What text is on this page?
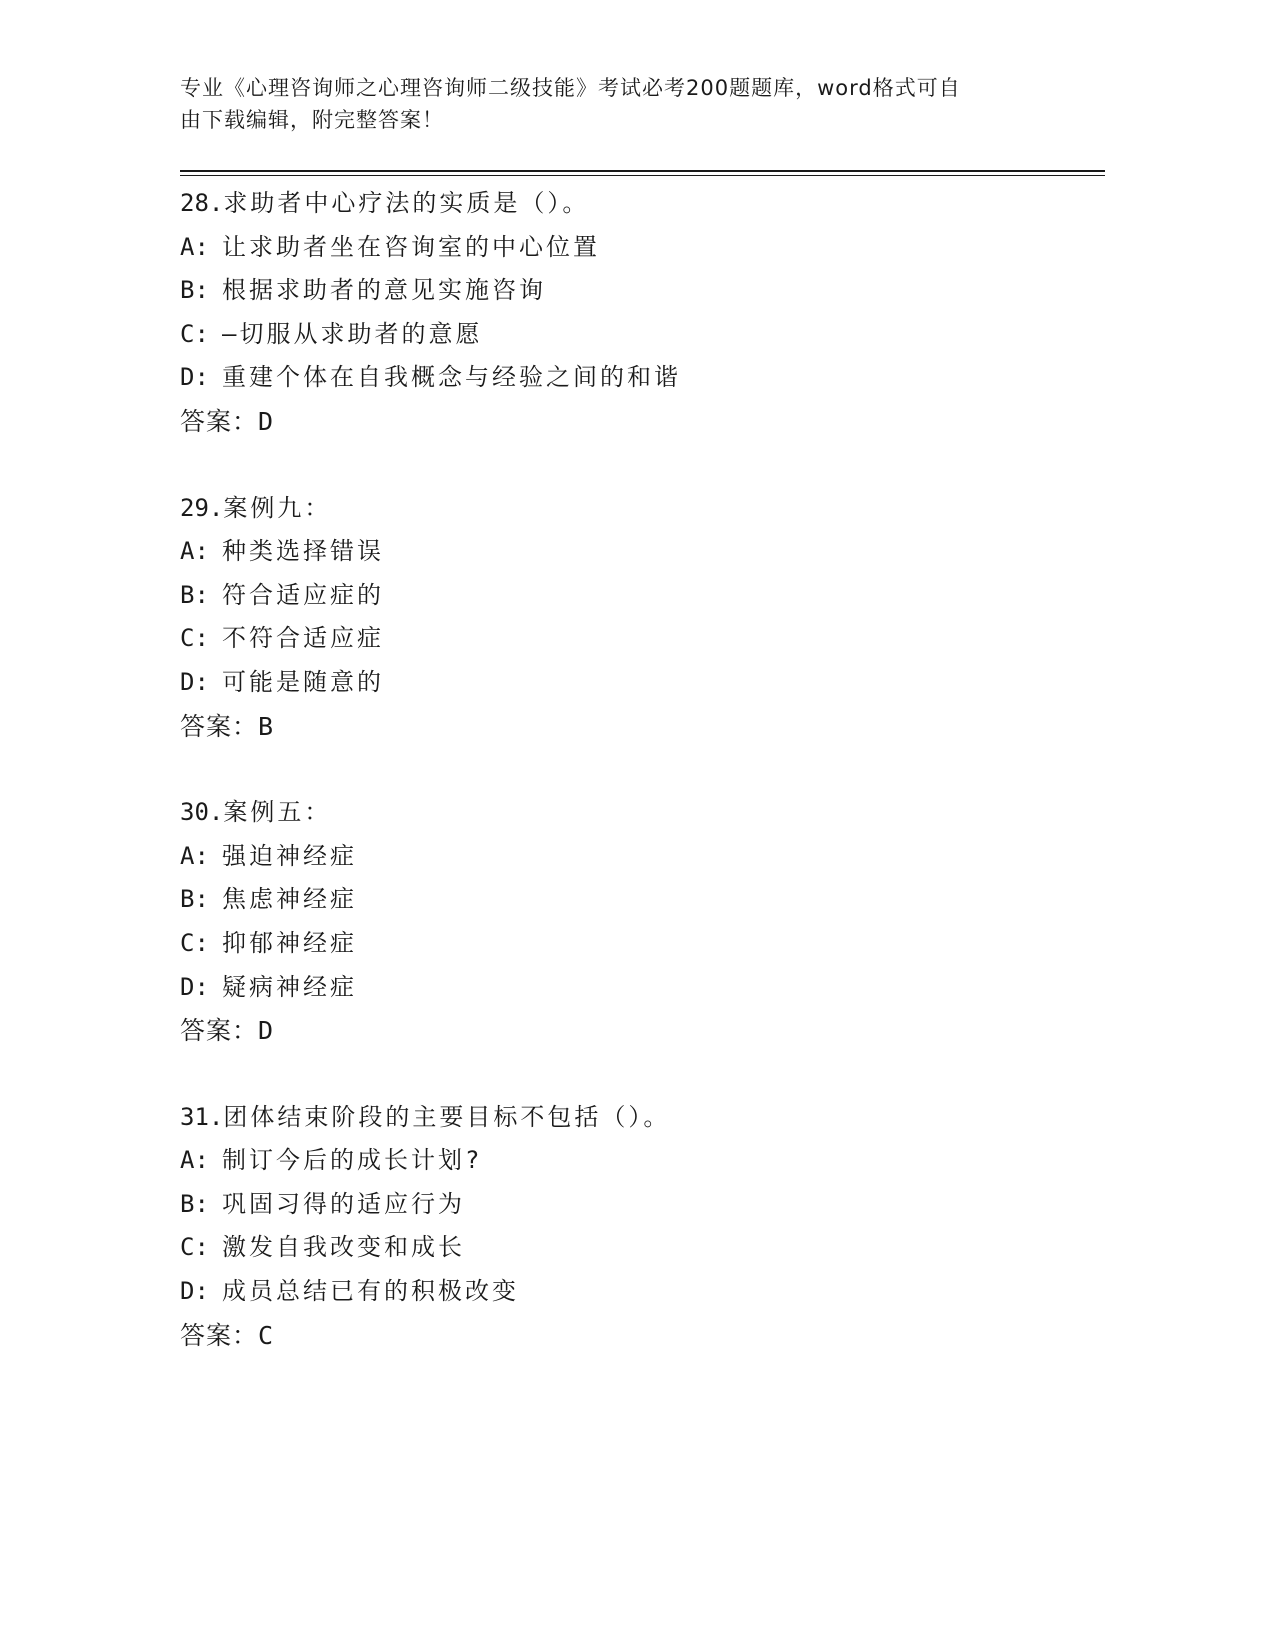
专业《心理咨询师之心理咨询师二级技能》考试必考200题题库，word格式可自

由下载编辑，附完整答案！

28.求助者中心疗法的实质是（）。
A: 让求助者坐在咨询室的中心位置
B: 根据求助者的意见实施咨询
C: —切服从求助者的意愿
D: 重建个体在自我概念与经验之间的和谐
答案：D
29.案例九：
A: 种类选择错误
B: 符合适应症的
C: 不符合适应症
D: 可能是随意的
答案：B
30.案例五：
A: 强迫神经症
B: 焦虑神经症
C: 抑郁神经症
D: 疑病神经症
答案：D
31.团体结束阶段的主要目标不包括（）。
A: 制订今后的成长计划?
B: 巩固习得的适应行为
C: 激发自我改变和成长
D: 成员总结已有的积极改变
答案：C
